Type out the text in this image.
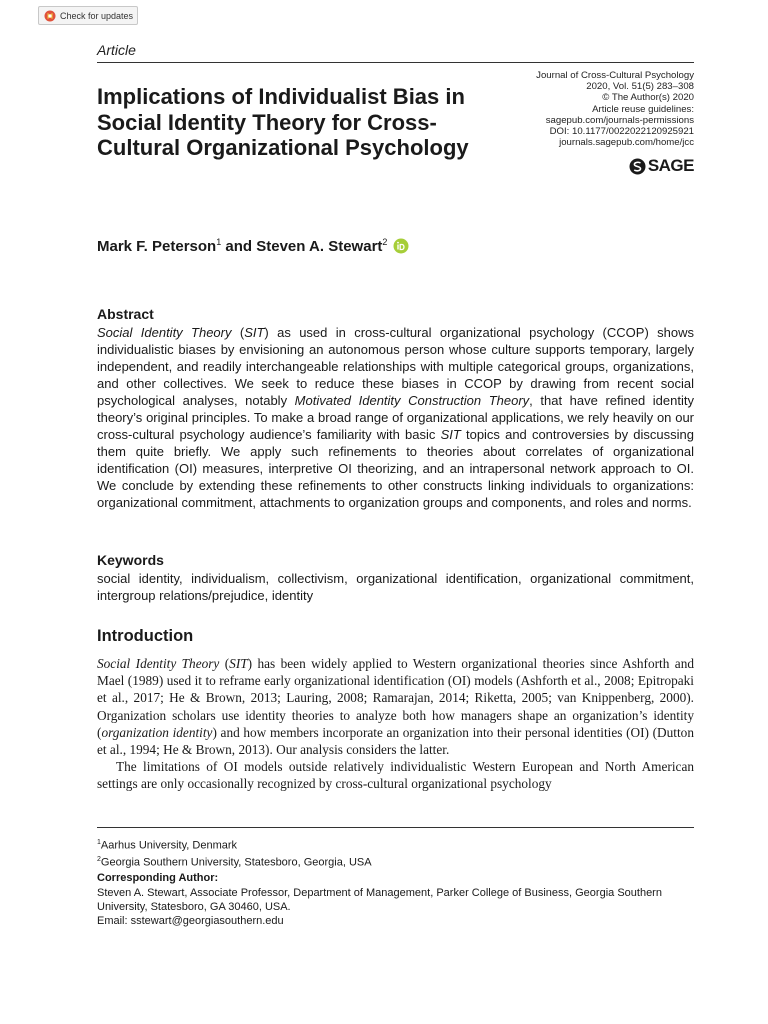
Check for updates
Article
Implications of Individualist Bias in Social Identity Theory for Cross-Cultural Organizational Psychology
Journal of Cross-Cultural Psychology
2020, Vol. 51(5) 283–308
© The Author(s) 2020
Article reuse guidelines:
sagepub.com/journals-permissions
DOI: 10.1177/0022022120925921
journals.sagepub.com/home/jcc
SAGE
Mark F. Peterson$^1$ and Steven A. Stewart$^2$
Abstract
Social Identity Theory (SIT) as used in cross-cultural organizational psychology (CCOP) shows individualistic biases by envisioning an autonomous person whose culture supports temporary, largely independent, and readily interchangeable relationships with multiple categorical groups, organizations, and other collectives. We seek to reduce these biases in CCOP by drawing from recent social psychological analyses, notably Motivated Identity Construction Theory, that have refined identity theory’s original principles. To make a broad range of organizational applications, we rely heavily on our cross-cultural psychology audience’s familiarity with basic SIT topics and controversies by discussing them quite briefly. We apply such refinements to theories about correlates of organizational identification (OI) measures, interpretive OI theorizing, and an intrapersonal network approach to OI. We conclude by extending these refinements to other constructs linking individuals to organizations: organizational commitment, attachments to organization groups and components, and roles and norms.
Keywords
social identity, individualism, collectivism, organizational identification, organizational commitment, intergroup relations/prejudice, identity
Introduction

Social Identity Theory (SIT) has been widely applied to Western organizational theories since Ashforth and Mael (1989) used it to reframe early organizational identification (OI) models (Ashforth et al., 2008; Epitropaki et al., 2017; He & Brown, 2013; Lauring, 2008; Ramarajan, 2014; Riketta, 2005; van Knippenberg, 2000). Organization scholars use identity theories to analyze both how managers shape an organization’s identity (organization identity) and how members incorporate an organization into their personal identities (OI) (Dutton et al., 1994; He & Brown, 2013). Our analysis considers the latter.

The limitations of OI models outside relatively individualistic Western European and North American settings are only occasionally recognized by cross-cultural organizational psychology

$^1$Aarhus University, Denmark
$^2$Georgia Southern University, Statesboro, Georgia, USA
Corresponding Author:
Steven A. Stewart, Associate Professor, Department of Management, Parker College of Business, Georgia Southern University, Statesboro, GA 30460, USA.
Email: sstewart@georgiasouthern.edu
